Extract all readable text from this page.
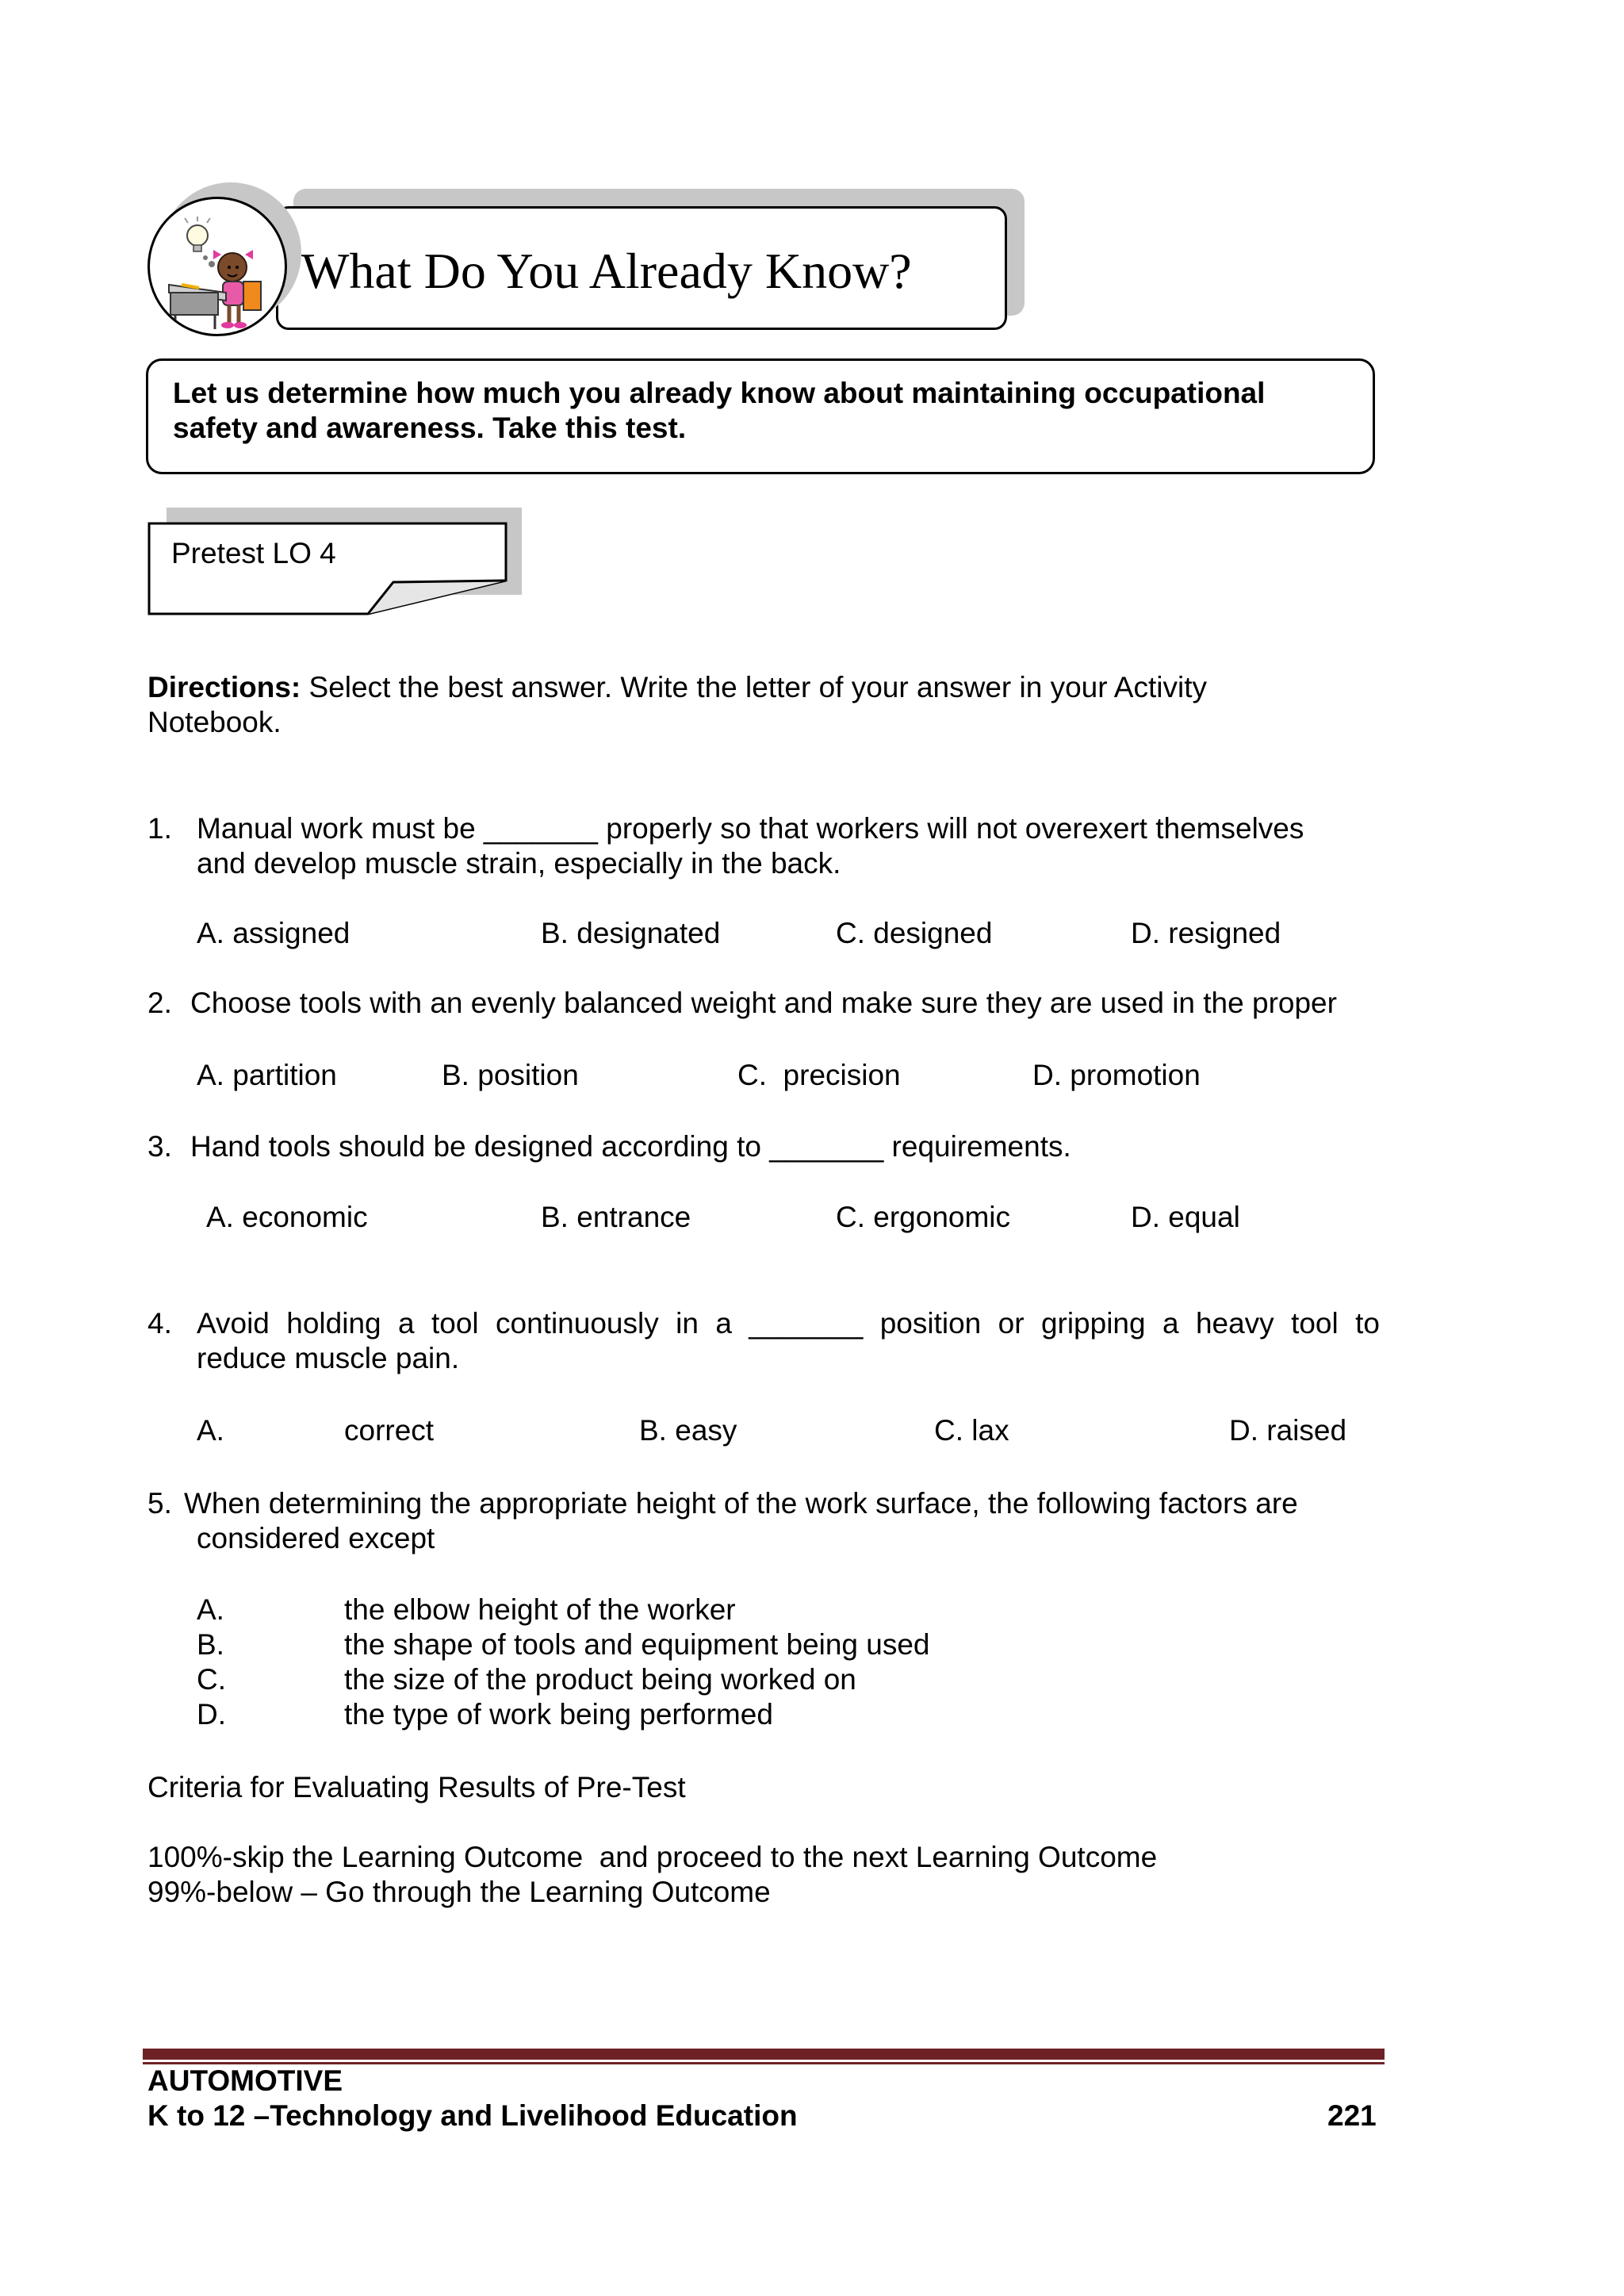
What Do You Already Know?
Let us determine how much you already know about maintaining occupational
safety and awareness. Take this test.
Pretest LO 4
Directions: Select the best answer. Write the letter of your answer in your Activity
Notebook.
1. Manual work must be _______ properly so that workers will not overexert themselves
and develop muscle strain, especially in the back.
A. assigned	B. designated	C. designed	D. resigned
2. Choose tools with an evenly balanced weight and make sure they are used in the proper
A. partition	B. position	C.  precision	D. promotion
3. Hand tools should be designed according to _______ requirements.
A. economic	B. entrance	C. ergonomic	D. equal
4. Avoid holding a tool continuously in a _______ position or gripping a heavy tool to
reduce muscle pain.
A.	correct	B. easy	C. lax	D. raised
5. When determining the appropriate height of the work surface, the following factors are
considered except
A.	the elbow height of the worker
B.	the shape of tools and equipment being used
C.	the size of the product being worked on
D.	the type of work being performed
Criteria for Evaluating Results of Pre-Test
100%-skip the Learning Outcome  and proceed to the next Learning Outcome
99%-below – Go through the Learning Outcome
AUTOMOTIVE
K to 12 –Technology and Livelihood Education	221
